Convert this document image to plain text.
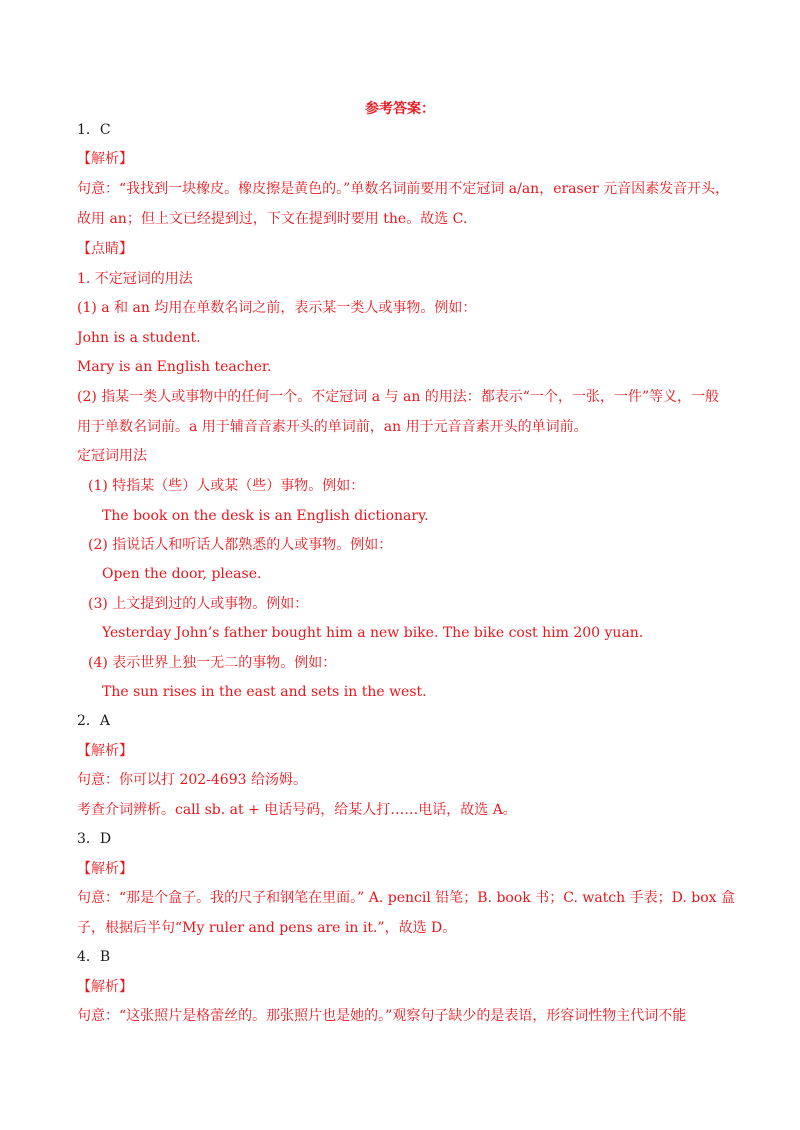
参考答案：
1．C
【解析】
句意：“我找到一块橡皮。橡皮擦是黄色的。”单数名词前要用不定冠词 a/an，eraser 元音因素发音开头，
故用 an；但上文已经提到过，下文在提到时要用 the。故选 C.
【点睛】
1. 不定冠词的用法
(1) a 和 an 均用在单数名词之前，表示某一类人或事物。例如：
John is a student.
Mary is an English teacher.
(2) 指某一类人或事物中的任何一个。不定冠词 a 与 an 的用法：都表示“一个，一张，一件”等义，一般
用于单数名词前。a 用于辅音音素开头的单词前，an 用于元音音素开头的单词前。
定冠词用法
(1) 特指某（些）人或某（些）事物。例如：
The book on the desk is an English dictionary.
(2) 指说话人和听话人都熟悉的人或事物。例如：
Open the door, please.
(3) 上文提到过的人或事物。例如：
Yesterday John’s father bought him a new bike. The bike cost him 200 yuan.
(4) 表示世界上独一无二的事物。例如：
The sun rises in the east and sets in the west.
2．A
【解析】
句意：你可以打 202-4693 给汤姆。
考查介词辨析。call sb. at + 电话号码，给某人打……电话，故选 A。
3．D
【解析】
句意：“那是个盒子。我的尺子和钢笔在里面。” A. pencil 铅笔；B. book 书；C. watch 手表；D. box 盒
子，根据后半句“My ruler and pens are in it.”，故选 D。
4．B
【解析】
句意：“这张照片是格蕾丝的。那张照片也是她的。”观察句子缺少的是表语，形容词性物主代词不能
